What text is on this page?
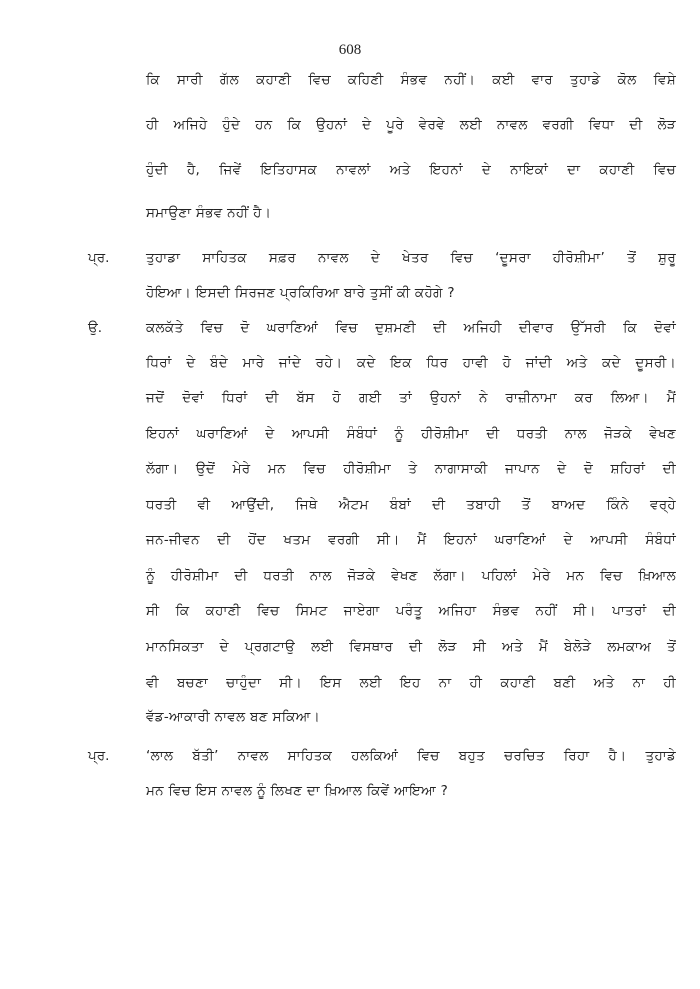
608
ਕਿ ਸਾਰੀ ਗੱਲ ਕਹਾਣੀ ਵਿਚ ਕਹਿਣੀ ਸੰਭਵ ਨਹੀਂ। ਕਈ ਵਾਰ ਤੁਹਾਡੇ ਕੋਲ ਵਿਸ਼ੇ
ਹੀ ਅਜਿਹੇ ਹੁੰਦੇ ਹਨ ਕਿ ਉਹਨਾਂ ਦੇ ਪੂਰੇ ਵੇਰਵੇ ਲਈ ਨਾਵਲ ਵਰਗੀ ਵਿਧਾ ਦੀ ਲੋੜ
ਹੁੰਦੀ ਹੈ, ਜਿਵੇਂ ਇਤਿਹਾਸਕ ਨਾਵਲਾਂ ਅਤੇ ਇਹਨਾਂ ਦੇ ਨਾਇਕਾਂ ਦਾ ਕਹਾਣੀ ਵਿਚ
ਸਮਾਉਣਾ ਸੰਭਵ ਨਹੀਂ ਹੈ।
ਪ੍ਰ.	ਤੁਹਾਡਾ ਸਾਹਿਤਕ ਸਫ਼ਰ ਨਾਵਲ ਦੇ ਖੇਤਰ ਵਿਚ ‘ਦੂਸਰਾ ਹੀਰੋਸ਼ੀਮਾ’ ਤੋਂ ਸ਼ੁਰੂ
ਹੋਇਆ। ਇਸਦੀ ਸਿਰਜਣ ਪ੍ਰਕਿਰਿਆ ਬਾਰੇ ਤੁਸੀਂ ਕੀ ਕਹੋਗੇ ?
ਉ.	ਕਲਕੱਤੇ ਵਿਚ ਦੋ ਘਰਾਣਿਆਂ ਵਿਚ ਦੁਸ਼ਮਣੀ ਦੀ ਅਜਿਹੀ ਦੀਵਾਰ ਉੱਸਰੀ ਕਿ ਦੋਵਾਂ
ਧਿਰਾਂ ਦੇ ਬੰਦੇ ਮਾਰੇ ਜਾਂਦੇ ਰਹੇ। ਕਦੇ ਇਕ ਧਿਰ ਹਾਵੀ ਹੋ ਜਾਂਦੀ ਅਤੇ ਕਦੇ ਦੂਸਰੀ।
ਜਦੋਂ ਦੋਵਾਂ ਧਿਰਾਂ ਦੀ ਬੱਸ ਹੋ ਗਈ ਤਾਂ ਉਹਨਾਂ ਨੇ ਰਾਜ਼ੀਨਾਮਾ ਕਰ ਲਿਆ। ਮੈਂ
ਇਹਨਾਂ ਘਰਾਣਿਆਂ ਦੇ ਆਪਸੀ ਸੰਬੰਧਾਂ ਨੂੰ ਹੀਰੋਸ਼ੀਮਾ ਦੀ ਧਰਤੀ ਨਾਲ ਜੋੜਕੇ ਵੇਖਣ
ਲੱਗਾ। ਉਦੋਂ ਮੇਰੇ ਮਨ ਵਿਚ ਹੀਰੋਸ਼ੀਮਾ ਤੇ ਨਾਗਾਸਾਕੀ ਜਾਪਾਨ ਦੇ ਦੋ ਸ਼ਹਿਰਾਂ ਦੀ
ਧਰਤੀ ਵੀ ਆਉਂਦੀ, ਜਿਥੇ ਐਟਮ ਬੰਬਾਂ ਦੀ ਤਬਾਹੀ ਤੋਂ ਬਾਅਦ ਕਿੰਨੇ ਵਰ੍ਹੇ
ਜਨ-ਜੀਵਨ ਦੀ ਹੋਂਦ ਖਤਮ ਵਰਗੀ ਸੀ। ਮੈਂ ਇਹਨਾਂ ਘਰਾਣਿਆਂ ਦੇ ਆਪਸੀ ਸੰਬੰਧਾਂ
ਨੂੰ ਹੀਰੋਸ਼ੀਮਾ ਦੀ ਧਰਤੀ ਨਾਲ ਜੋੜਕੇ ਵੇਖਣ ਲੱਗਾ। ਪਹਿਲਾਂ ਮੇਰੇ ਮਨ ਵਿਚ ਖ਼ਿਆਲ
ਸੀ ਕਿ ਕਹਾਣੀ ਵਿਚ ਸਿਮਟ ਜਾਏਗਾ ਪਰੰਤੂ ਅਜਿਹਾ ਸੰਭਵ ਨਹੀਂ ਸੀ। ਪਾਤਰਾਂ ਦੀ
ਮਾਨਸਿਕਤਾ ਦੇ ਪ੍ਰਗਟਾਉ ਲਈ ਵਿਸਥਾਰ ਦੀ ਲੋੜ ਸੀ ਅਤੇ ਮੈਂ ਬੇਲੋੜੇ ਲਮਕਾਅ ਤੋਂ
ਵੀ ਬਚਣਾ ਚਾਹੁੰਦਾ ਸੀ। ਇਸ ਲਈ ਇਹ ਨਾ ਹੀ ਕਹਾਣੀ ਬਣੀ ਅਤੇ ਨਾ ਹੀ
ਵੱਡ-ਆਕਾਰੀ ਨਾਵਲ ਬਣ ਸਕਿਆ।
ਪ੍ਰ.	‘ਲਾਲ ਬੱਤੀ’ ਨਾਵਲ ਸਾਹਿਤਕ ਹਲਕਿਆਂ ਵਿਚ ਬਹੁਤ ਚਰਚਿਤ ਰਿਹਾ ਹੈ। ਤੁਹਾਡੇ
ਮਨ ਵਿਚ ਇਸ ਨਾਵਲ ਨੂੰ ਲਿਖਣ ਦਾ ਖ਼ਿਆਲ ਕਿਵੇਂ ਆਇਆ ?
